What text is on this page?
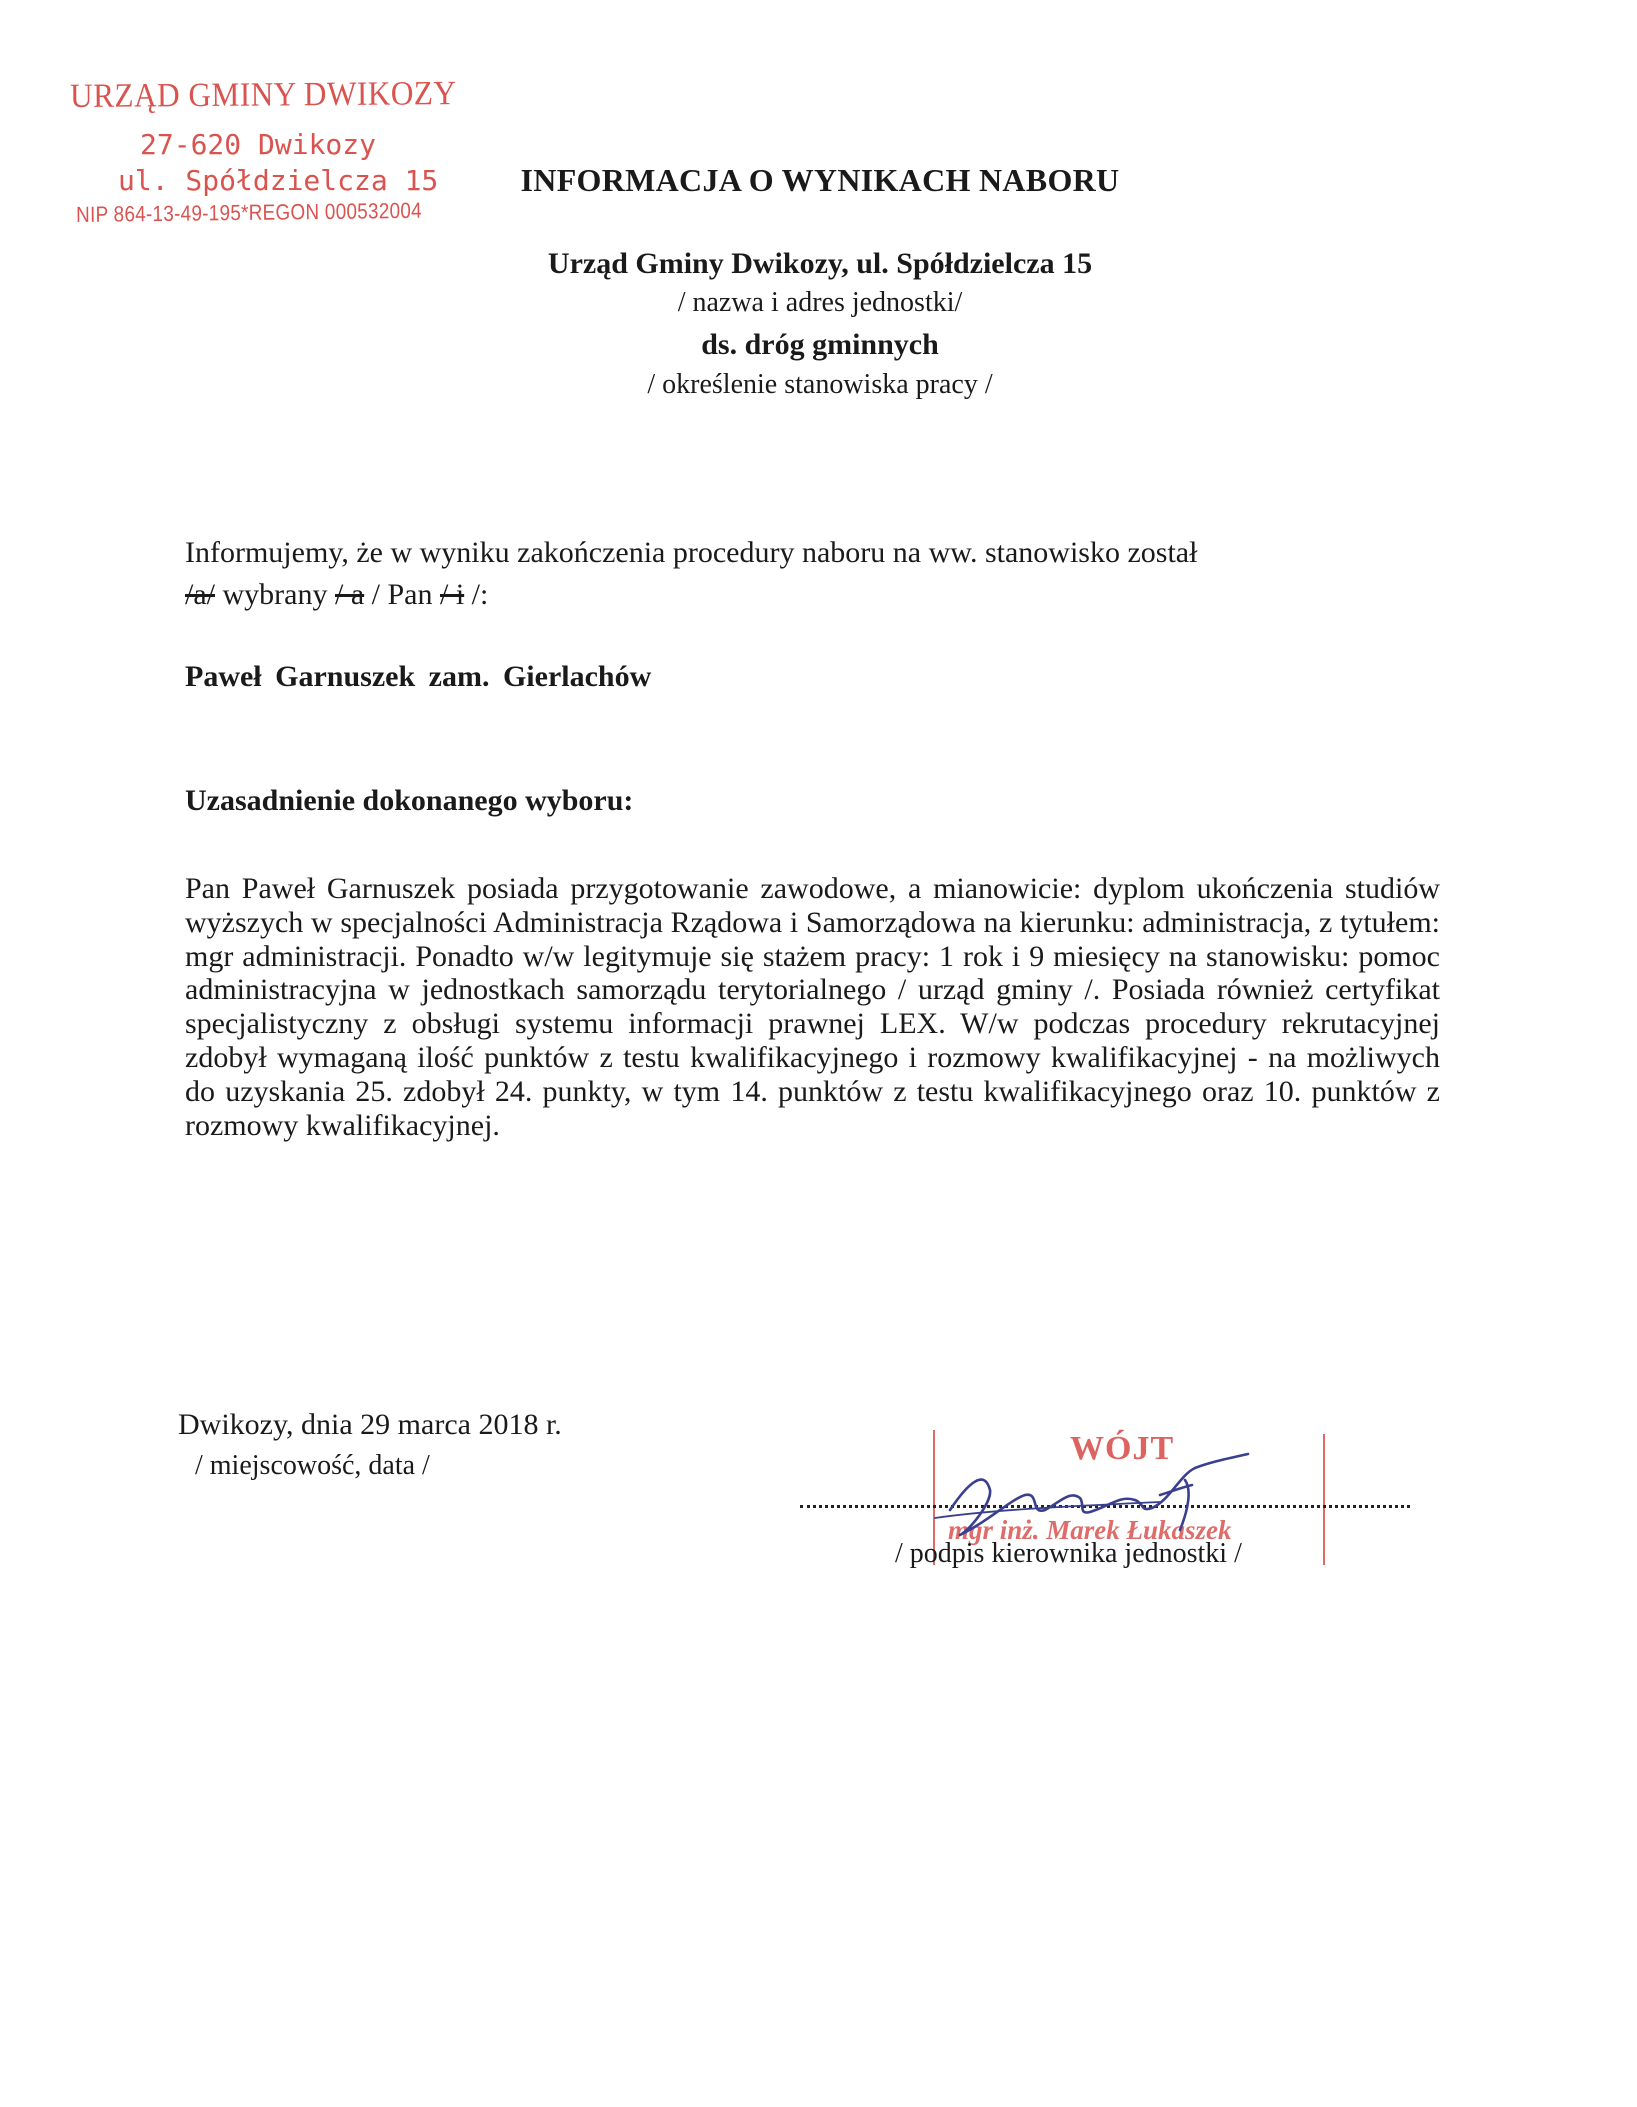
URZĄD GMINY DWIKOZY
27-620 Dwikozy
ul. Spółdzielcza 15
NIP 864-13-49-195*REGON 000532004
INFORMACJA O WYNIKACH NABORU
Urząd Gminy Dwikozy, ul. Spółdzielcza 15
/ nazwa i adres jednostki/
ds. dróg gminnych
/ określenie stanowiska pracy /
Informujemy, że w wyniku zakończenia procedury naboru na ww. stanowisko został
/a/ wybrany / a / Pan / i /:
Paweł Garnuszek zam. Gierlachów
Uzasadnienie dokonanego wyboru:
Pan Paweł Garnuszek posiada przygotowanie zawodowe, a mianowicie: dyplom ukończenia studiów wyższych w specjalności Administracja Rządowa i Samorządowa na kierunku: administracja, z tytułem: mgr administracji. Ponadto w/w legitymuje się stażem pracy: 1 rok i 9 miesięcy na stanowisku: pomoc administracyjna w jednostkach samorządu terytorialnego / urząd gminy /. Posiada również certyfikat specjalistyczny z obsługi systemu informacji prawnej LEX. W/w podczas procedury rekrutacyjnej zdobył wymaganą ilość punktów z testu kwalifikacyjnego i rozmowy kwalifikacyjnej - na możliwych do uzyskania 25. zdobył 24. punkty, w tym 14. punktów z testu kwalifikacyjnego oraz 10. punktów z rozmowy kwalifikacyjnej.
Dwikozy, dnia 29 marca 2018 r.
/ miejscowość, data /	WÓJT
mgr inż. Marek Łukaszek
/ podpis kierownika jednostki /
